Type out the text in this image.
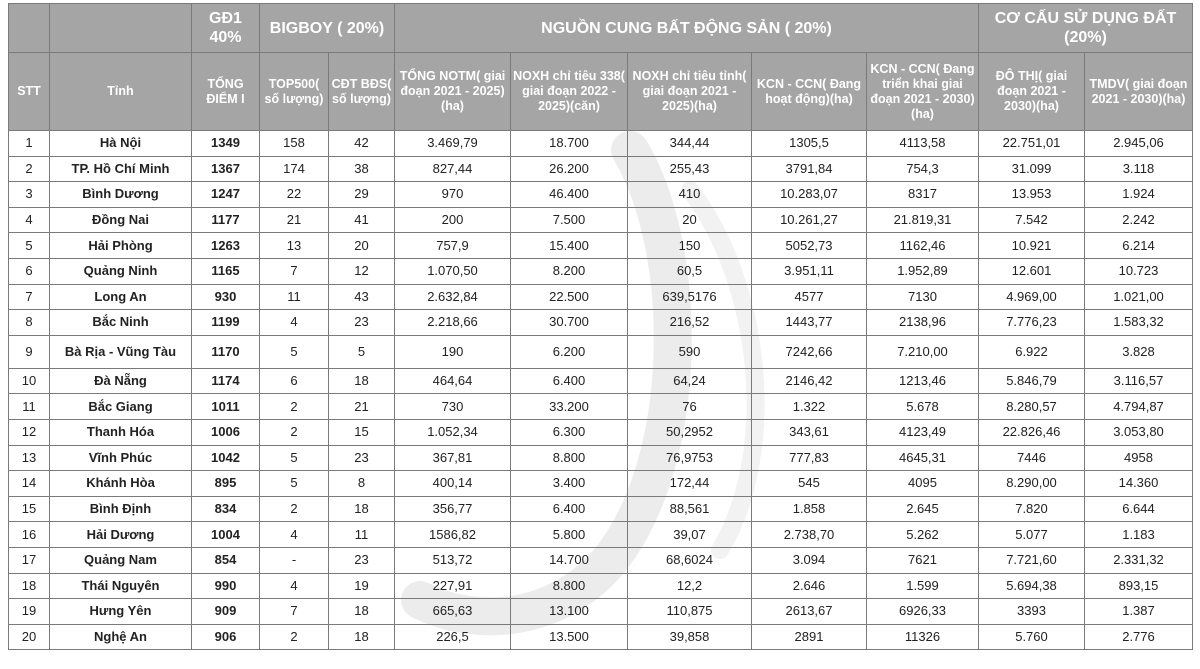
		GĐ1 40%	BIGBOY ( 20%)		NGUỒN CUNG BẤT ĐỘNG SẢN ( 20%)					CƠ CẤU SỬ DỤNG ĐẤT (20%)	
STT	Tỉnh	TỔNG ĐIỂM I	TOP500( số lượng)	CĐT BĐS( số lượng)	TỔNG NOTM( giai đoạn 2021 - 2025)(ha)	NOXH chỉ tiêu 338( giai đoạn 2022 - 2025)(căn)	NOXH chỉ tiêu tỉnh( giai đoạn 2021 - 2025)(ha)	KCN - CCN( Đang hoạt động)(ha)	KCN - CCN( Đang triển khai giai đoạn 2021 - 2030)(ha)	ĐÔ THỊ( giai đoạn 2021 - 2030)(ha)	TMDV( giai đoạn 2021 - 2030)(ha)
1	Hà Nội	1349	158	42	3.469,79	18.700	344,44	1305,5	4113,58	22.751,01	2.945,06
2	TP. Hồ Chí Minh	1367	174	38	827,44	26.200	255,43	3791,84	754,3	31.099	3.118
3	Bình Dương	1247	22	29	970	46.400	410	10.283,07	8317	13.953	1.924
4	Đồng Nai	1177	21	41	200	7.500	20	10.261,27	21.819,31	7.542	2.242
5	Hải Phòng	1263	13	20	757,9	15.400	150	5052,73	1162,46	10.921	6.214
6	Quảng Ninh	1165	7	12	1.070,50	8.200	60,5	3.951,11	1.952,89	12.601	10.723
7	Long An	930	11	43	2.632,84	22.500	639,5176	4577	7130	4.969,00	1.021,00
8	Bắc Ninh	1199	4	23	2.218,66	30.700	216,52	1443,77	2138,96	7.776,23	1.583,32
9	Bà Rịa - Vũng Tàu	1170	5	5	190	6.200	590	7242,66	7.210,00	6.922	3.828
10	Đà Nẵng	1174	6	18	464,64	6.400	64,24	2146,42	1213,46	5.846,79	3.116,57
11	Bắc Giang	1011	2	21	730	33.200	76	1.322	5.678	8.280,57	4.794,87
12	Thanh Hóa	1006	2	15	1.052,34	6.300	50,2952	343,61	4123,49	22.826,46	3.053,80
13	Vĩnh Phúc	1042	5	23	367,81	8.800	76,9753	777,83	4645,31	7446	4958
14	Khánh Hòa	895	5	8	400,14	3.400	172,44	545	4095	8.290,00	14.360
15	Bình Định	834	2	18	356,77	6.400	88,561	1.858	2.645	7.820	6.644
16	Hải Dương	1004	4	11	1586,82	5.800	39,07	2.738,70	5.262	5.077	1.183
17	Quảng Nam	854	-	23	513,72	14.700	68,6024	3.094	7621	7.721,60	2.331,32
18	Thái Nguyên	990	4	19	227,91	8.800	12,2	2.646	1.599	5.694,38	893,15
19	Hưng Yên	909	7	18	665,63	13.100	110,875	2613,67	6926,33	3393	1.387
20	Nghệ An	906	2	18	226,5	13.500	39,858	2891	11326	5.760	2.776
